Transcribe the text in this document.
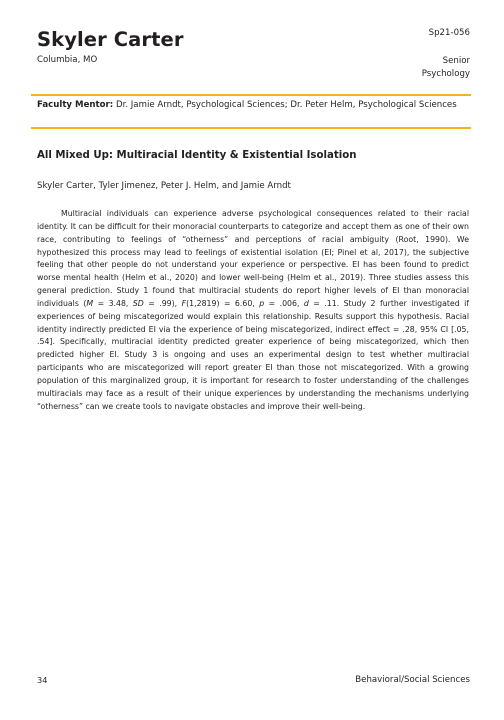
Skyler Carter
Columbia, MO
Sp21-056
Senior
Psychology
Faculty Mentor: Dr. Jamie Arndt, Psychological Sciences; Dr. Peter Helm, Psychological Sciences
All Mixed Up: Multiracial Identity & Existential Isolation
Skyler Carter, Tyler Jimenez, Peter J. Helm, and Jamie Arndt

Multiracial individuals can experience adverse psychological consequences related to their racial identity. It can be difficult for their monoracial counterparts to categorize and accept them as one of their own race, contributing to feelings of “otherness” and perceptions of racial ambiguity (Root, 1990). We hypothesized this process may lead to feelings of existential isolation (EI; Pinel et al, 2017), the subjective feeling that other people do not understand your experience or perspective. EI has been found to predict worse mental health (Helm et al., 2020) and lower well-being (Helm et al., 2019). Three studies assess this general prediction. Study 1 found that multiracial students do report higher levels of EI than monoracial individuals (M = 3.48, SD = .99), F(1,2819) = 6.60, p = .006, d = .11. Study 2 further investigated if experiences of being miscategorized would explain this relationship. Results support this hypothesis. Racial identity indirectly predicted EI via the experience of being miscategorized, indirect effect = .28, 95% CI [.05, .54]. Specifically, multiracial identity predicted greater experience of being miscategorized, which then predicted higher EI. Study 3 is ongoing and uses an experimental design to test whether multiracial participants who are miscategorized will report greater EI than those not miscategorized. With a growing population of this marginalized group, it is important for research to foster understanding of the challenges multiracials may face as a result of their unique experiences by understanding the mechanisms underlying “otherness” can we create tools to navigate obstacles and improve their well-being.

34	Behavioral/Social Sciences
